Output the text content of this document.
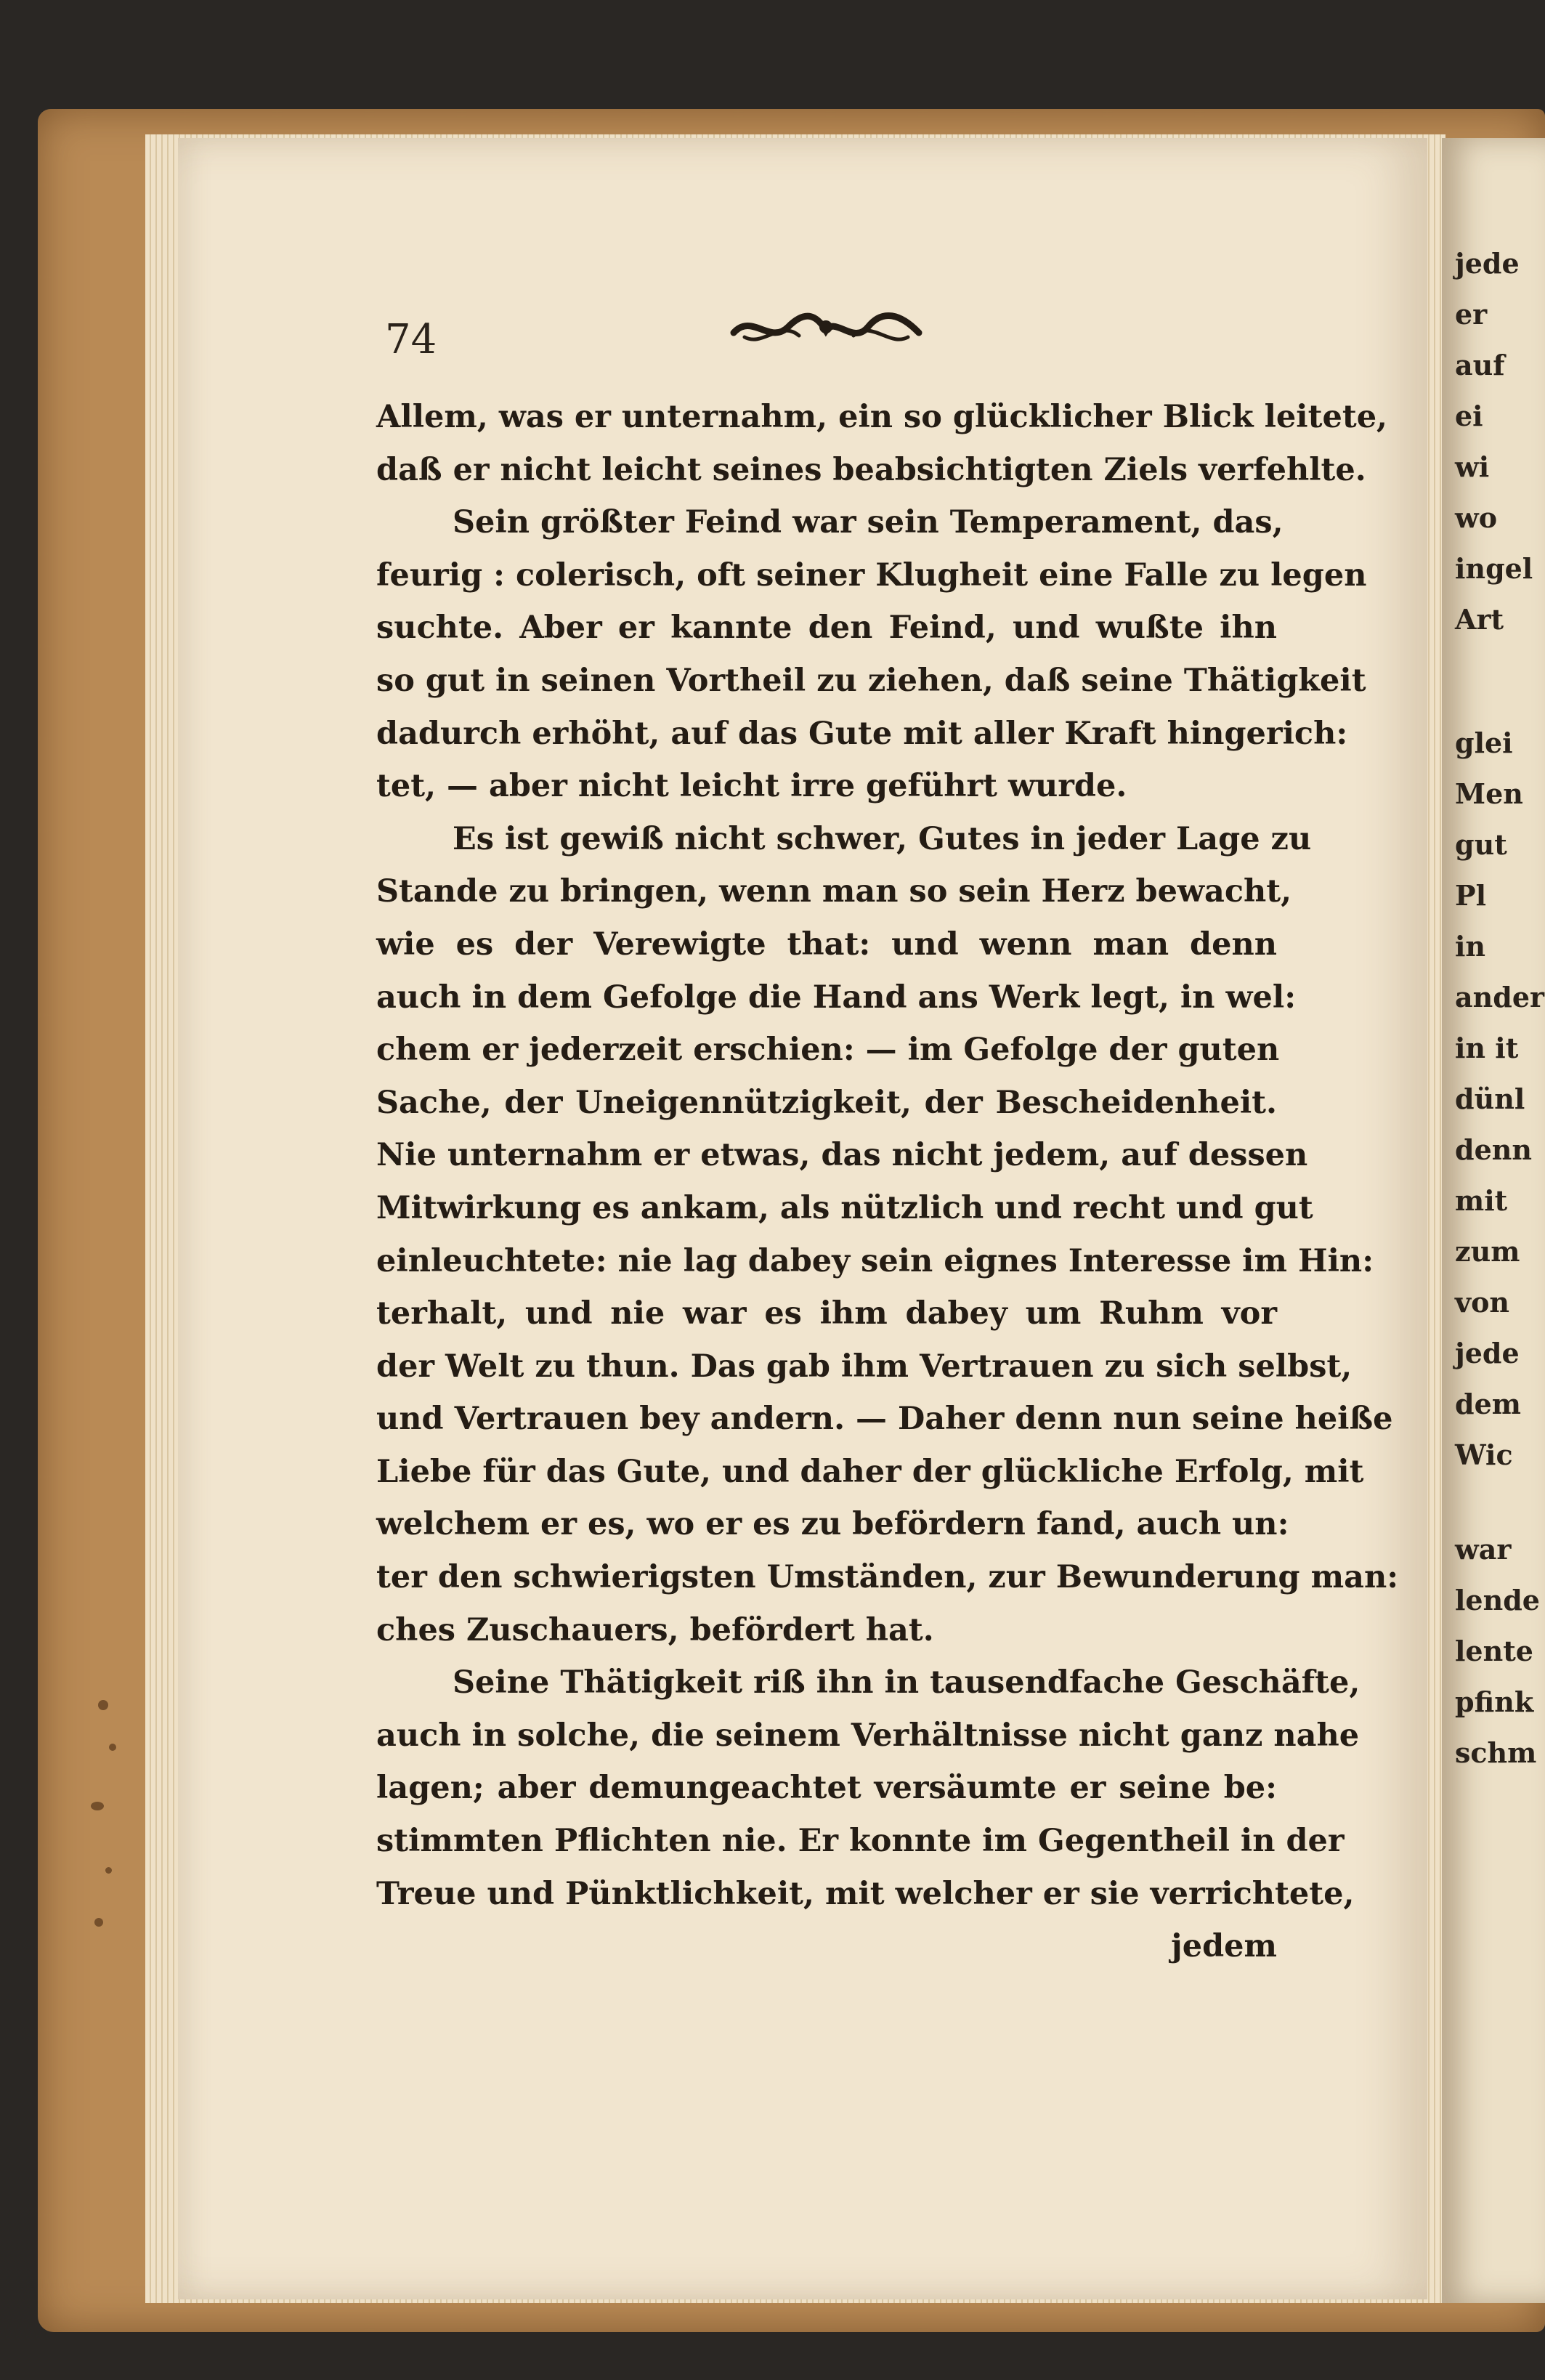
jede
er
auf
ei
wi
wo
ingel
Art
glei
Men
gut
Pl
in
ander
in it
dünl
denn
mit
zum
von
jede
dem
Wic
war
lende
lente
pfink
schm
74
Allem, was er unternahm, ein so glücklicher Blick leitete,
daß er nicht leicht seines beabsichtigten Ziels verfehlte.
Sein größter Feind war sein Temperament, das,
feurig : colerisch, oft seiner Klugheit eine Falle zu legen
suchte. Aber er kannte den Feind, und wußte ihn
so gut in seinen Vortheil zu ziehen, daß seine Thätigkeit
dadurch erhöht, auf das Gute mit aller Kraft hingerich:
tet, — aber nicht leicht irre geführt wurde.
Es ist gewiß nicht schwer, Gutes in jeder Lage zu
Stande zu bringen, wenn man so sein Herz bewacht,
wie es der Verewigte that: und wenn man denn
auch in dem Gefolge die Hand ans Werk legt, in wel:
chem er jederzeit erschien: — im Gefolge der guten
Sache, der Uneigennützigkeit, der Bescheidenheit.
Nie unternahm er etwas, das nicht jedem, auf dessen
Mitwirkung es ankam, als nützlich und recht und gut
einleuchtete: nie lag dabey sein eignes Interesse im Hin:
terhalt, und nie war es ihm dabey um Ruhm vor
der Welt zu thun. Das gab ihm Vertrauen zu sich selbst,
und Vertrauen bey andern. — Daher denn nun seine heiße
Liebe für das Gute, und daher der glückliche Erfolg, mit
welchem er es, wo er es zu befördern fand, auch un:
ter den schwierigsten Umständen, zur Bewunderung man:
ches Zuschauers, befördert hat.
Seine Thätigkeit riß ihn in tausendfache Geschäfte,
auch in solche, die seinem Verhältnisse nicht ganz nahe
lagen; aber demungeachtet versäumte er seine be:
stimmten Pflichten nie. Er konnte im Gegentheil in der
Treue und Pünktlichkeit, mit welcher er sie verrichtete,
jedem
